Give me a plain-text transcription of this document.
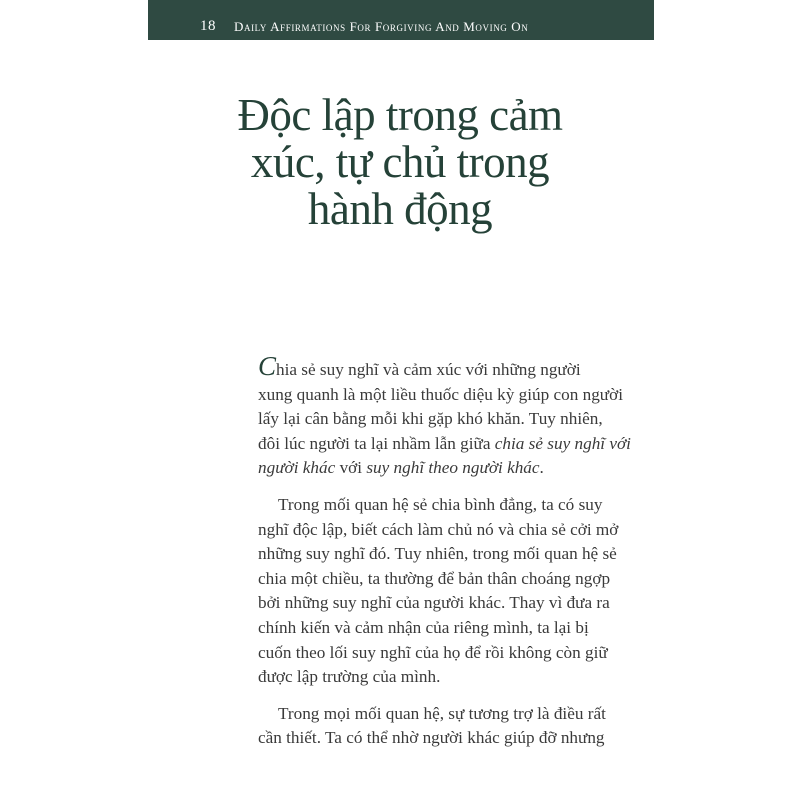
18 Daily Affirmations For Forgiving And Moving On
Độc lập trong cảm
xúc, tự chủ trong
hành động
Chia sẻ suy nghĩ và cảm xúc với những người
xung quanh là một liều thuốc diệu kỳ giúp con người
lấy lại cân bằng mỗi khi gặp khó khăn. Tuy nhiên,
đôi lúc người ta lại nhầm lẫn giữa chia sẻ suy nghĩ với
người khác với suy nghĩ theo người khác.
Trong mối quan hệ sẻ chia bình đẳng, ta có suy
nghĩ độc lập, biết cách làm chủ nó và chia sẻ cởi mở
những suy nghĩ đó. Tuy nhiên, trong mối quan hệ sẻ
chia một chiều, ta thường để bản thân choáng ngợp
bởi những suy nghĩ của người khác. Thay vì đưa ra
chính kiến và cảm nhận của riêng mình, ta lại bị
cuốn theo lối suy nghĩ của họ để rồi không còn giữ
được lập trường của mình.
Trong mọi mối quan hệ, sự tương trợ là điều rất
cần thiết. Ta có thể nhờ người khác giúp đỡ nhưng
